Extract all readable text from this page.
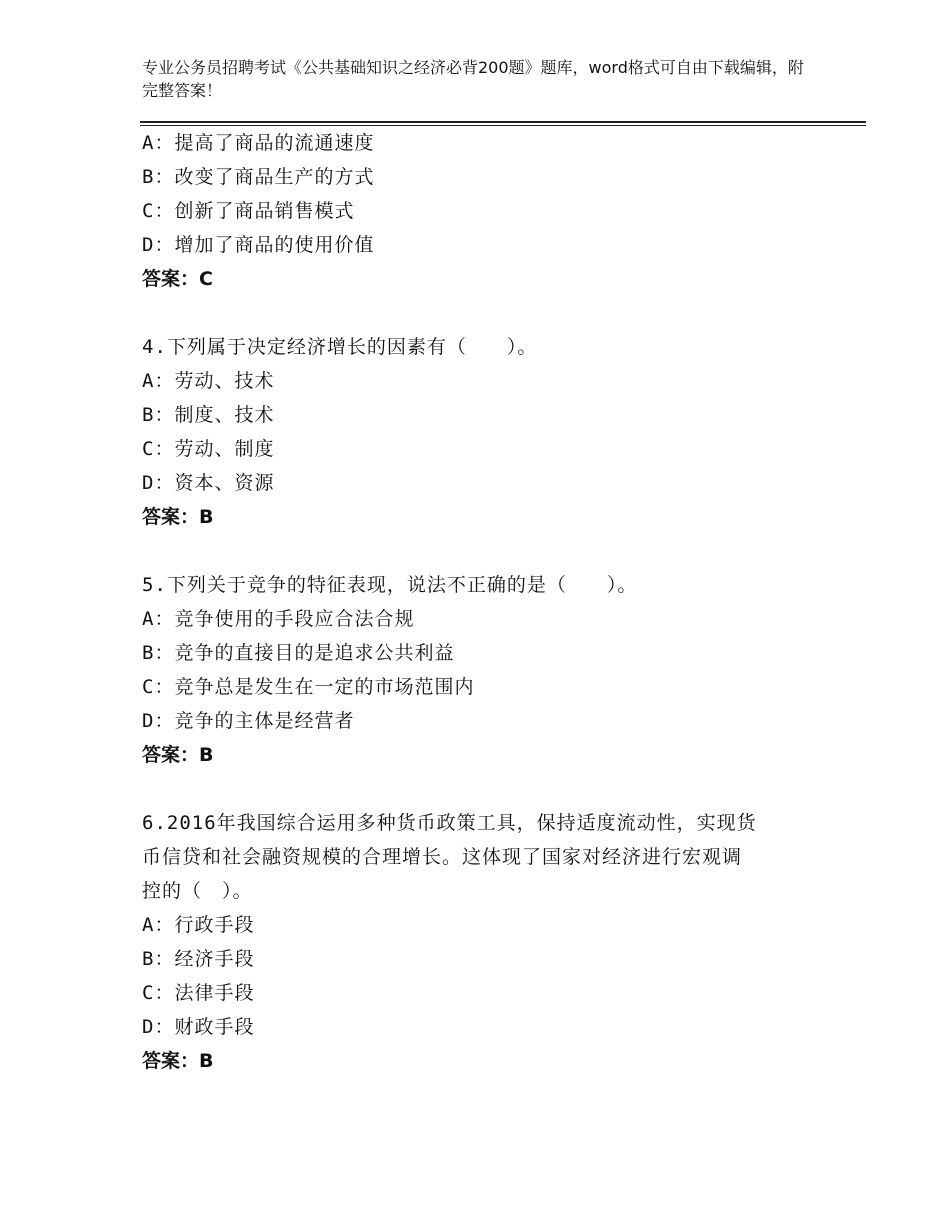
专业公务员招聘考试《公共基础知识之经济必背200题》题库，word格式可自由下载编辑，附完整答案！
A：提高了商品的流通速度
B：改变了商品生产的方式
C：创新了商品销售模式
D：增加了商品的使用价值
答案：C
4.下列属于决定经济增长的因素有（　　）。
A：劳动、技术
B：制度、技术
C：劳动、制度
D：资本、资源
答案：B
5.下列关于竞争的特征表现，说法不正确的是（　　）。
A：竞争使用的手段应合法合规
B：竞争的直接目的是追求公共利益
C：竞争总是发生在一定的市场范围内
D：竞争的主体是经营者
答案：B
6.2016年我国综合运用多种货币政策工具，保持适度流动性，实现货
币信贷和社会融资规模的合理增长。这体现了国家对经济进行宏观调
控的（　）。
A：行政手段
B：经济手段
C：法律手段
D：财政手段
答案：B
